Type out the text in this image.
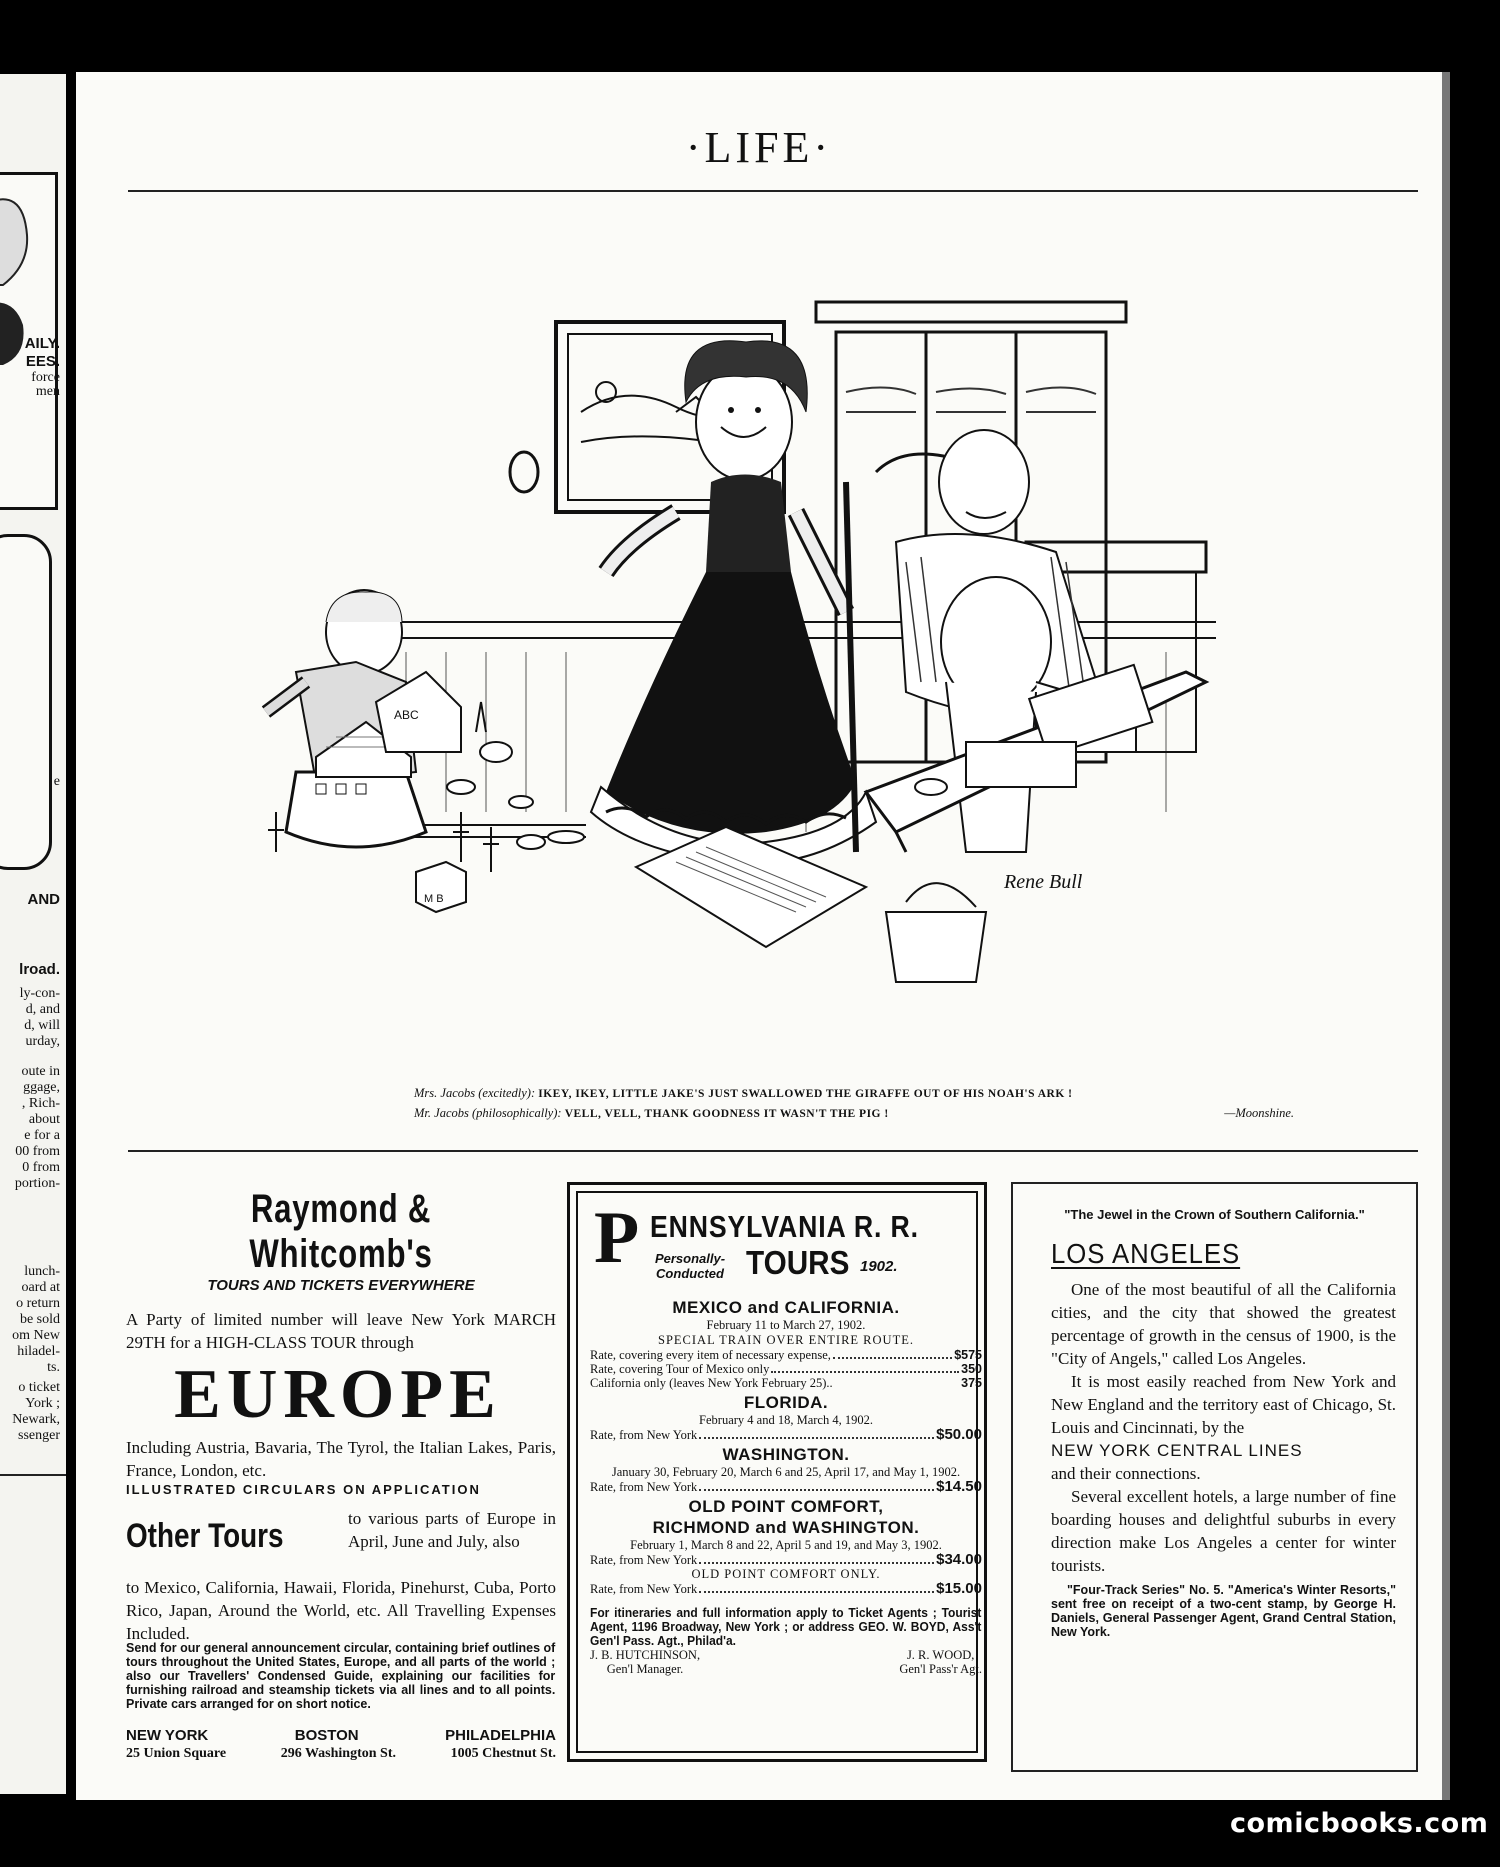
AILY.
EES.
force
men
e
AND
lroad.
ly-con-
d, and
d, will
urday,
oute in
ggage,
, Rich-
about
e for a
00 from
0 from
portion-
lunch-
oard at
o return
be sold
om New
hiladel-
ts.
o ticket
York ;
Newark,
ssenger
·LIFE·
ABC
M B
Rene Bull
Mrs. Jacobs (excitedly): IKEY, IKEY, LITTLE JAKE'S JUST SWALLOWED THE GIRAFFE OUT OF HIS NOAH'S ARK !
Mr. Jacobs (philosophically): VELL, VELL, THANK GOODNESS IT WASN'T THE PIG !	—Moonshine.
Raymond & Whitcomb's
TOURS AND TICKETS EVERYWHERE
A Party of limited number will leave New York MARCH 29TH for a HIGH-CLASS TOUR through
EUROPE
Including Austria, Bavaria, The Tyrol, the Italian Lakes, Paris, France, London, etc.
ILLUSTRATED CIRCULARS ON APPLICATION
Other Tours	to various parts of Europe in April, June and July, also
to Mexico, California, Hawaii, Florida, Pinehurst, Cuba, Porto Rico, Japan, Around the World, etc. All Travelling Expenses Included.
Send for our general announcement circular, containing brief outlines of tours throughout the United States, Europe, and all parts of the world ; also our Travellers' Condensed Guide, explaining our facilities for furnishing railroad and steamship tickets via all lines and to all points. Private cars arranged for on short notice.
NEW YORK	BOSTON	PHILADELPHIA
25 Union Square	296 Washington St.	1005 Chestnut St.
P ENNSYLVANIA R. R.
Personally-
Conducted TOURS 1902.
MEXICO and CALIFORNIA.
February 11 to March 27, 1902.
SPECIAL TRAIN OVER ENTIRE ROUTE.
Rate, covering every item of necessary expense,	$575
Rate, covering Tour of Mexico only	350
California only (leaves New York February 25)..	375
FLORIDA.
February 4 and 18, March 4, 1902.
Rate, from New York	$50.00
WASHINGTON.
January 30, February 20, March 6 and 25, April 17, and May 1, 1902.
Rate, from New York	$14.50
OLD POINT COMFORT,
RICHMOND and WASHINGTON.
February 1, March 8 and 22, April 5 and 19, and May 3, 1902.
Rate, from New York	$34.00
OLD POINT COMFORT ONLY.
Rate, from New York	$15.00
For itineraries and full information apply to Ticket Agents ; Tourist Agent, 1196 Broadway, New York ; or address GEO. W. BOYD, Ass't Gen'l Pass. Agt., Philad'a.
J. B. HUTCHINSON,
Gen'l Manager.
J. R. WOOD,
Gen'l Pass'r Agt.
"The Jewel in the Crown of Southern California."
LOS ANGELES

One of the most beautiful of all the California cities, and the city that showed the greatest percentage of growth in the census of 1900, is the "City of Angels," called Los Angeles.

It is most easily reached from New York and New England and the territory east of Chicago, St. Louis and Cincinnati, by the
NEW YORK CENTRAL LINES
and their connections.

Several excellent hotels, a large number of fine boarding houses and delightful suburbs in every direction make Los Angeles a center for winter tourists.

"Four-Track Series" No. 5. "America's Winter Resorts," sent free on receipt of a two-cent stamp, by George H. Daniels, General Passenger Agent, Grand Central Station, New York.
comicbooks.com
